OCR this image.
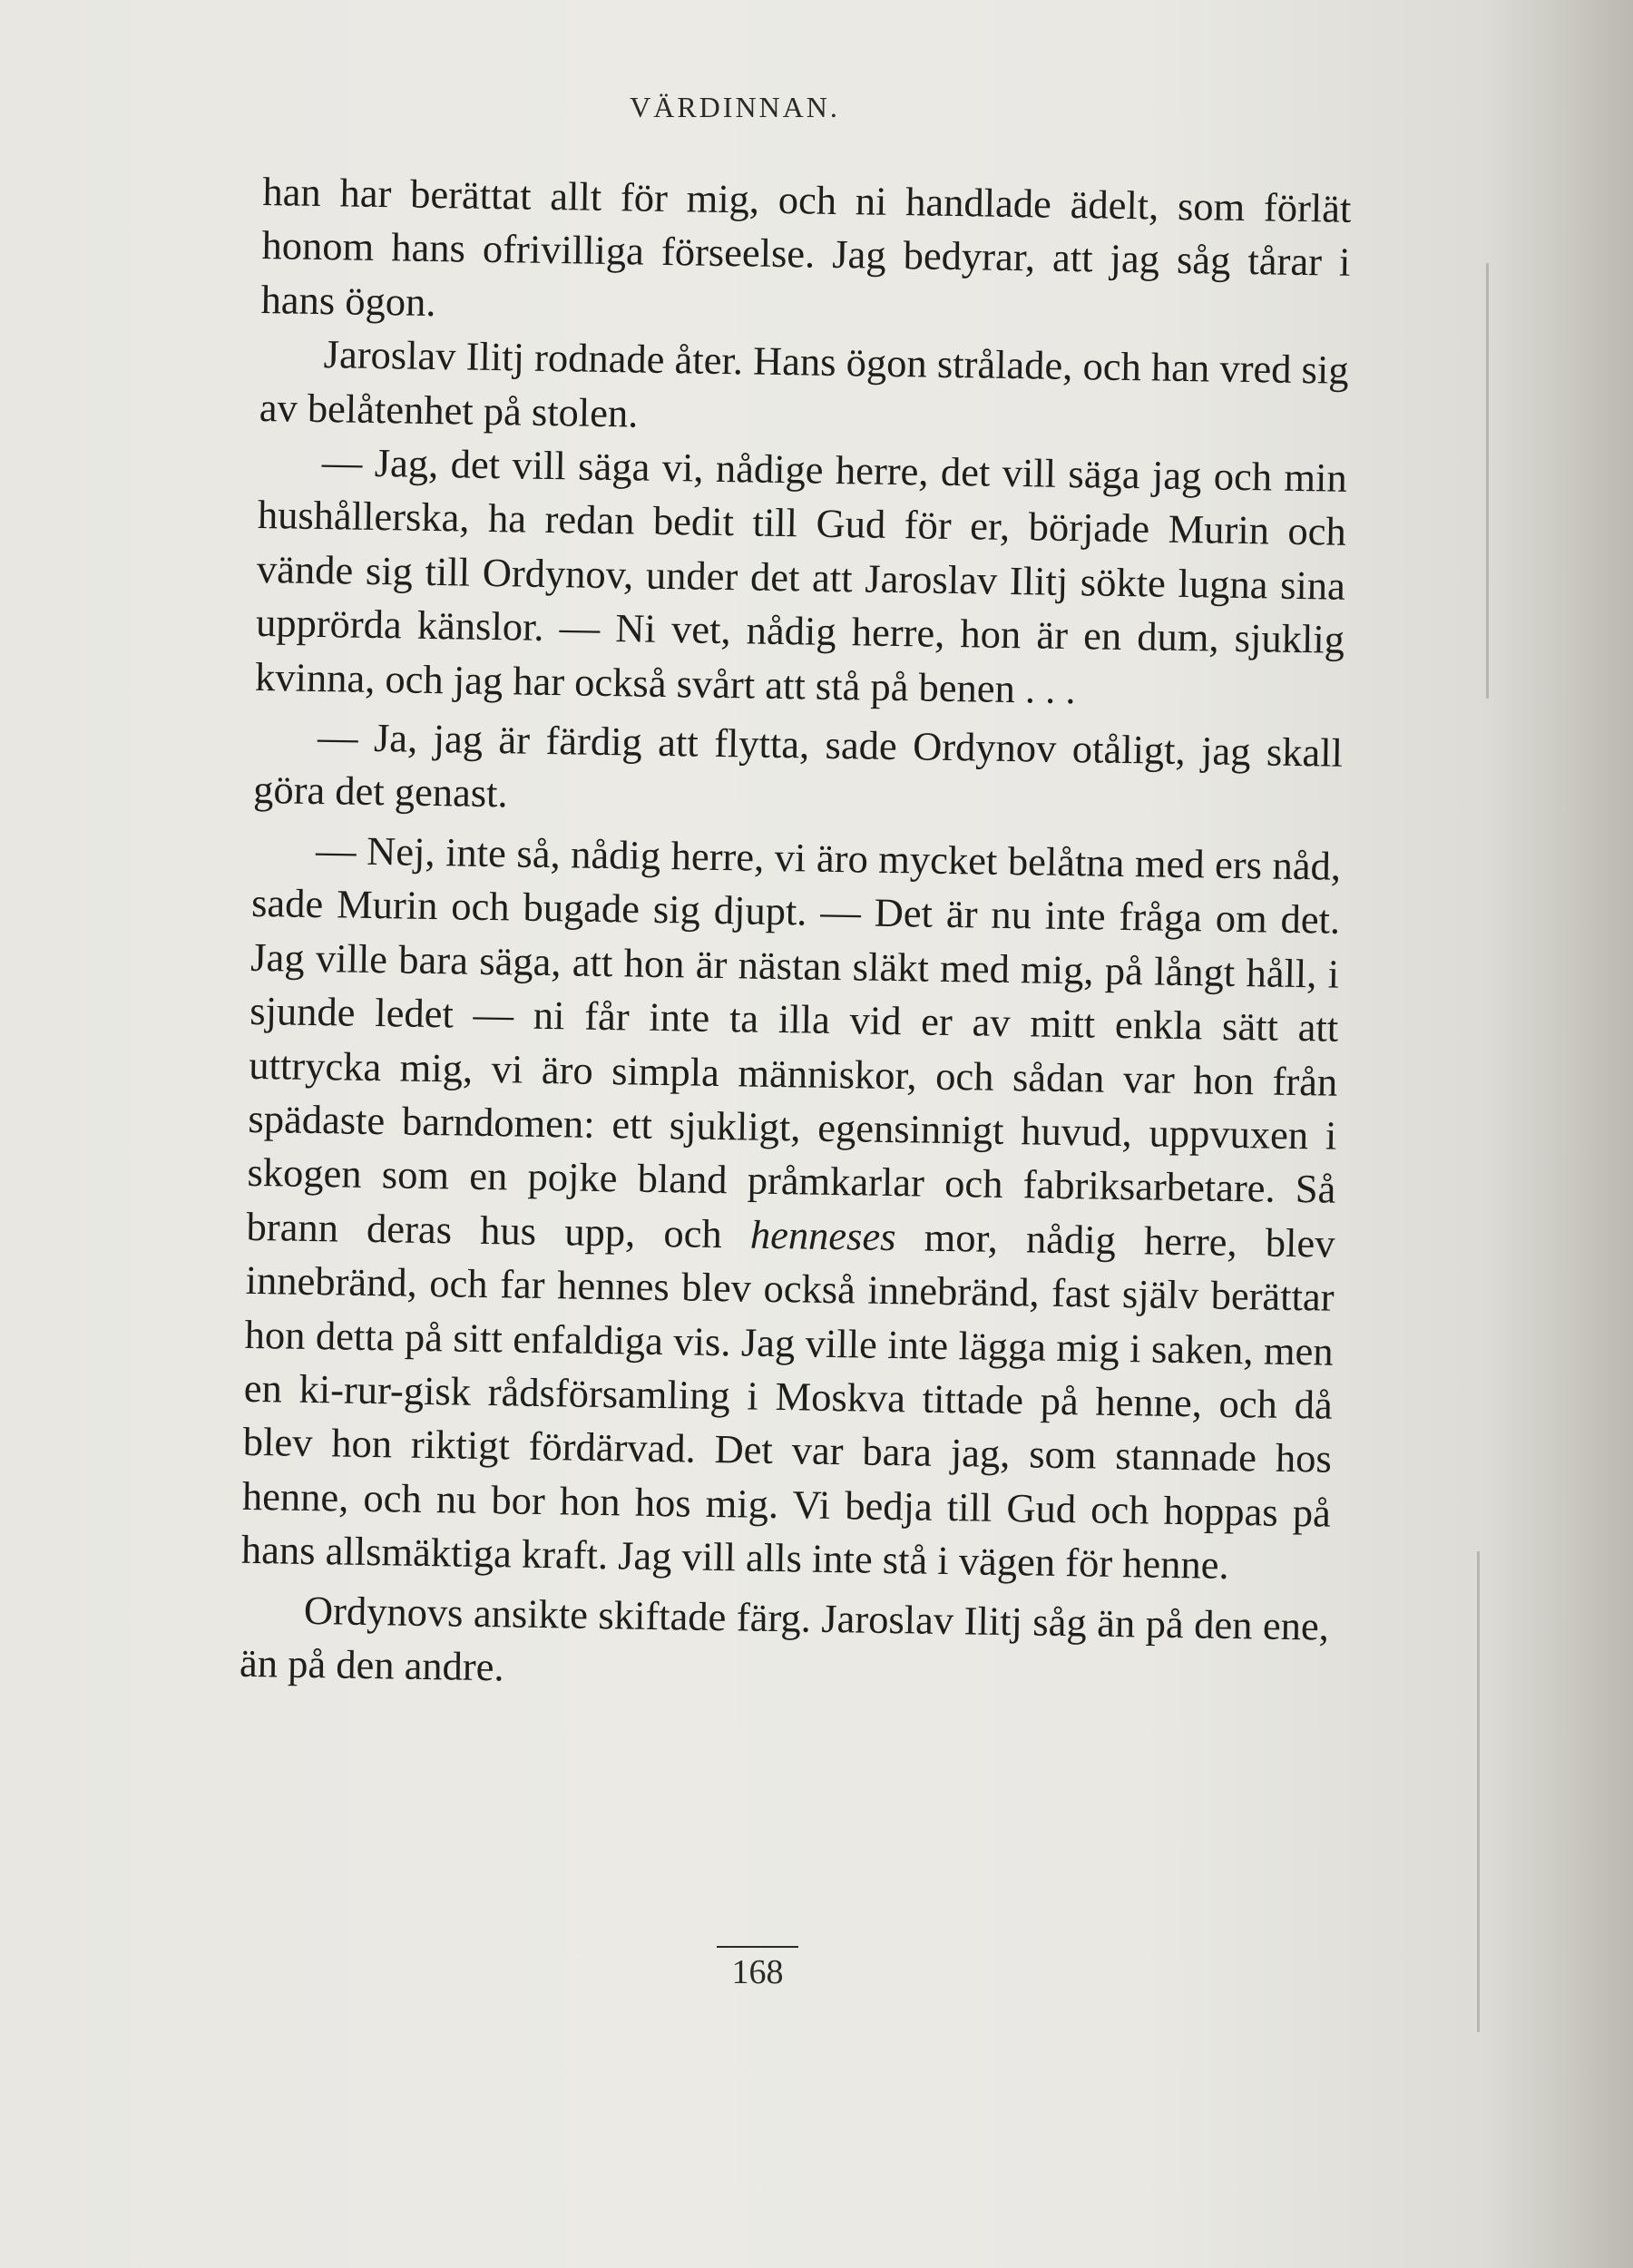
VÄRDINNAN.

han har berättat allt för mig, och ni handlade ädelt, som förlät honom hans ofrivilliga förseelse. Jag bedyrar, att jag såg tårar i hans ögon.

Jaroslav Ilitj rodnade åter. Hans ögon strålade, och han vred sig av belåtenhet på stolen.

— Jag, det vill säga vi, nådige herre, det vill säga jag och min hushållerska, ha redan bedit till Gud för er, började Murin och vände sig till Ordynov, under det att Jaroslav Ilitj sökte lugna sina upprörda känslor. — Ni vet, nådig herre, hon är en dum, sjuklig kvinna, och jag har också svårt att stå på benen . . .

— Ja, jag är färdig att flytta, sade Ordynov otåligt, jag skall göra det genast.

— Nej, inte så, nådig herre, vi äro mycket belåtna med ers nåd, sade Murin och bugade sig djupt. — Det är nu inte fråga om det. Jag ville bara säga, att hon är nästan släkt med mig, på långt håll, i sjunde ledet — ni får inte ta illa vid er av mitt enkla sätt att uttrycka mig, vi äro simpla människor, och sådan var hon från spädaste barndomen: ett sjukligt, egensinnigt huvud, uppvuxen i skogen som en pojke bland pråmkarlar och fabriksarbetare. Så brann deras hus upp, och henneses mor, nådig herre, blev innebränd, och far hennes blev också innebränd, fast själv berättar hon detta på sitt enfaldiga vis. Jag ville inte lägga mig i saken, men en ki-rur-gisk rådsförsamling i Moskva tittade på henne, och då blev hon riktigt fördärvad. Det var bara jag, som stannade hos henne, och nu bor hon hos mig. Vi bedja till Gud och hoppas på hans allsmäktiga kraft. Jag vill alls inte stå i vägen för henne.

Ordynovs ansikte skiftade färg. Jaroslav Ilitj såg än på den ene, än på den andre.

168
